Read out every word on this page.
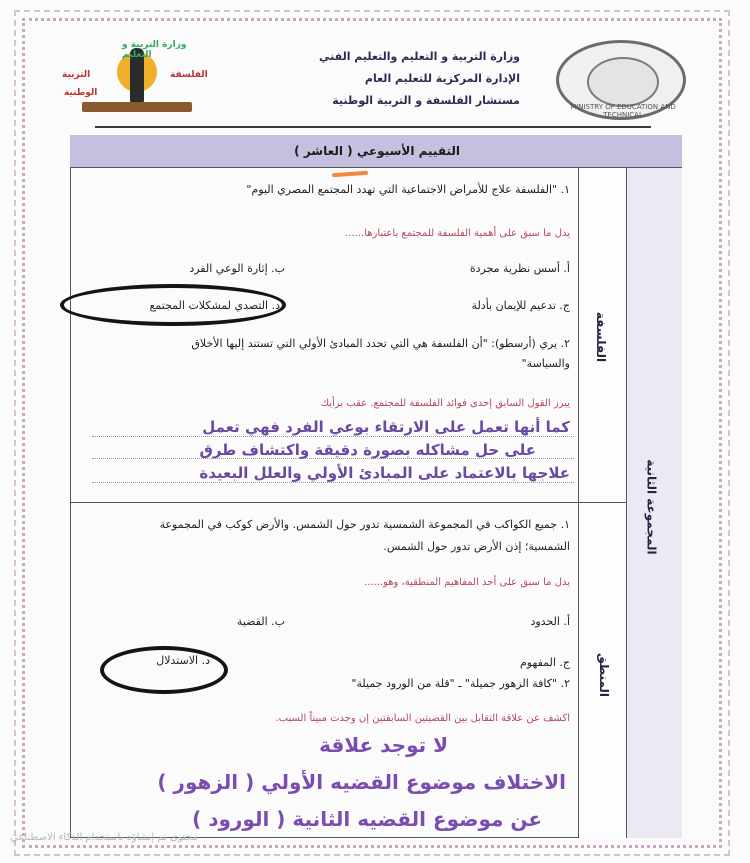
وزارة التربية و التعليم
التربية	الفلسفة
الوطنية
وزارة التربية و التعليم والتعليم الفني
الإدارة المركزية للتعليم العام
مستشار الفلسفة و التربية الوطنية	MINISTRY OF EDUCATION AND TECHNICAL
التقييم الأسبوعي ( العاشر )
المجموعة الثانية
الفلسفة
المنطق
١. "الفلسفة علاج للأمراض الاجتماعية التي تهدد المجتمع المصري اليوم"
يدل ما سبق على أهمية الفلسفة للمجتمع باعتبارها......
أ. أسس نظرية مجردة
ب. إثارة الوعي الفرد
ج. تدعيم للإيمان بأدلة
د. التصدي لمشكلات المجتمع
٢. يري (أرسطو): "أن الفلسفة هي التي تحدد المبادئ الأولي التي تستند إليها الأخلاق
والسياسة"
يبرز القول السابق إحدى فوائد الفلسفة للمجتمع. عقب برأيك
كما أنها تعمل على الارتقاء بوعي الفرد فهي تعمل
على حل مشاكله بصورة دقيقة واكتشاف طرق
علاجها بالاعتماد على المبادئ الأولي والعلل البعيدة
١. جميع الكواكب في المجموعة الشمسية تدور حول الشمس. والأرض كوكب في المجموعة
الشمسية؛ إذن الأرض تدور حول الشمس.
يدل ما سبق على أحد المفاهيم المنطقية، وهو......
أ. الحدود
ب. القضية
ج. المفهوم
د. الاستدلال
٢. "كافة الزهور جميلة" ـ "قلة من الورود جميلة"
اكشف عن علاقة التقابل بين القضيتين السابقتين إن وجدت مبيناً السبب.
لا توجد علاقة
الاختلاف موضوع القضيه الأولي ( الزهور )
عن موضوع القضيه الثانية ( الورود )
محتوى تم إنشاؤه باستخدام الذكاء الاصطناعي
